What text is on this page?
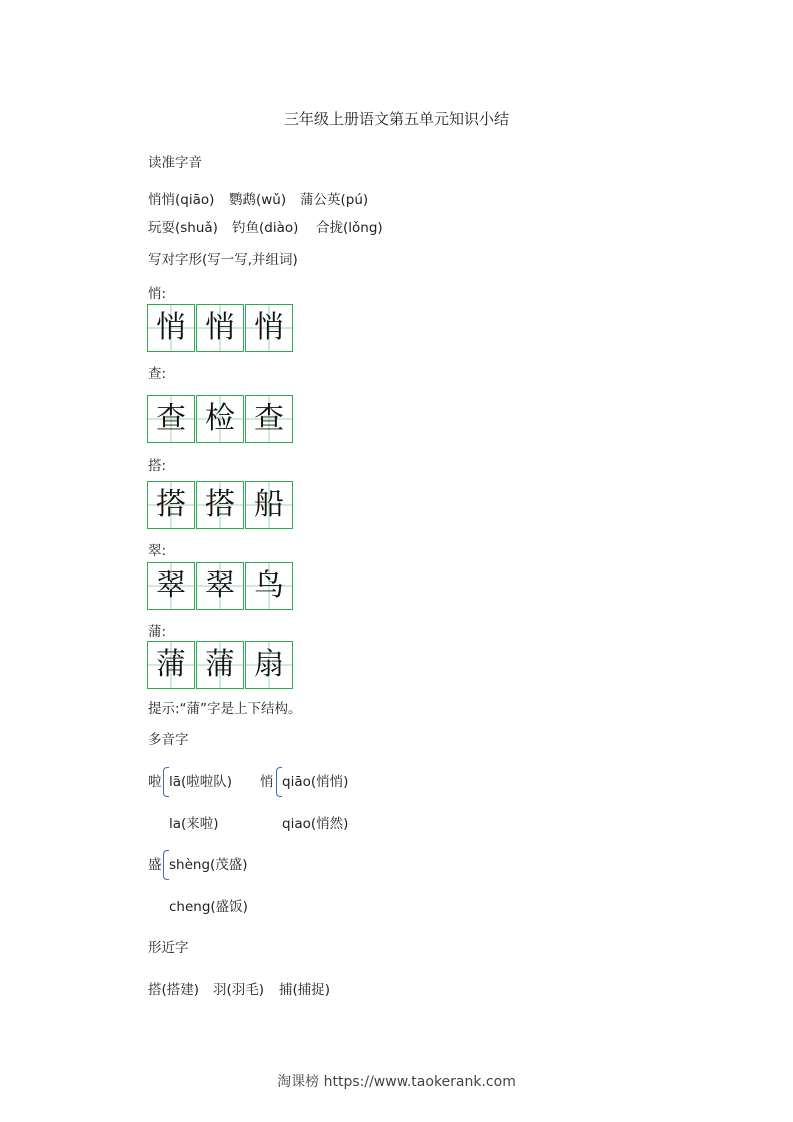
三年级上册语文第五单元知识小结
读准字音
悄悄(qiāo) 鹦鹉(wǔ) 蒲公英(pú)
玩耍(shuǎ) 钓鱼(diào) 合拢(lǒng)
写对字形(写一写,并组词)
悄:
悄 悄 悄
查:
查 检 查
搭:
搭 搭 船
翠:
翠 翠 鸟
蒲:
蒲 蒲 扇
提示:“蒲”字是上下结构。
多音字
啦 lā(啦啦队)
la(来啦)
悄 qiāo(悄悄)
qiao(悄然)
盛 shèng(茂盛)
cheng(盛饭)
形近字
搭(搭建) 羽(羽毛) 捕(捕捉)
淘课榜 https://www.taokerank.com
